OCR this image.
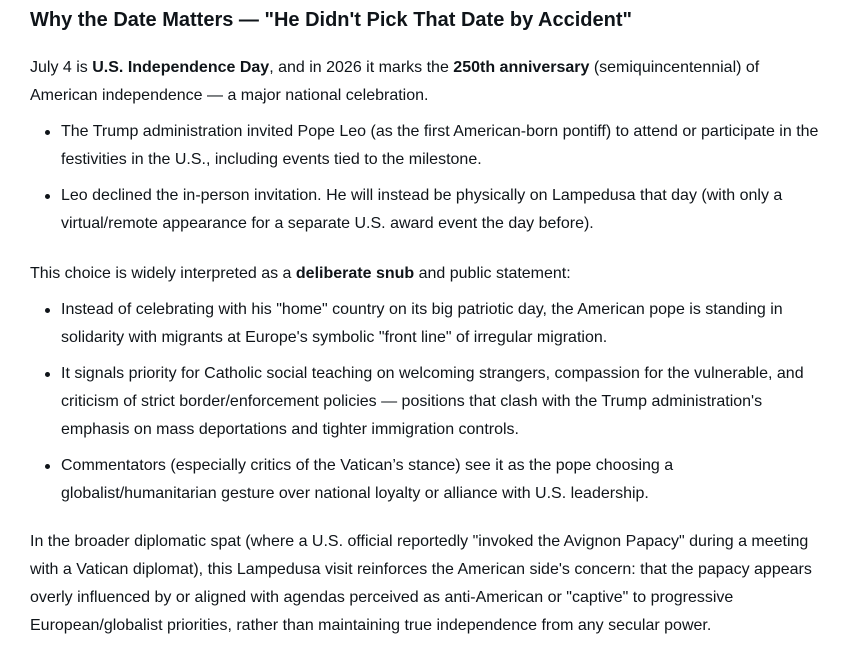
Why the Date Matters — "He Didn't Pick That Date by Accident"

July 4 is U.S. Independence Day, and in 2026 it marks the 250th anniversary (semiquincentennial) of American independence — a major national celebration.

The Trump administration invited Pope Leo (as the first American-born pontiff) to attend or participate in the festivities in the U.S., including events tied to the milestone.
Leo declined the in-person invitation. He will instead be physically on Lampedusa that day (with only a virtual/remote appearance for a separate U.S. award event the day before).

This choice is widely interpreted as a deliberate snub and public statement:

Instead of celebrating with his "home" country on its big patriotic day, the American pope is standing in solidarity with migrants at Europe's symbolic "front line" of irregular migration.
It signals priority for Catholic social teaching on welcoming strangers, compassion for the vulnerable, and criticism of strict border/enforcement policies — positions that clash with the Trump administration's emphasis on mass deportations and tighter immigration controls.
Commentators (especially critics of the Vatican’s stance) see it as the pope choosing a globalist/humanitarian gesture over national loyalty or alliance with U.S. leadership.

In the broader diplomatic spat (where a U.S. official reportedly "invoked the Avignon Papacy" during a meeting with a Vatican diplomat), this Lampedusa visit reinforces the American side's concern: that the papacy appears overly influenced by or aligned with agendas perceived as anti-American or "captive" to progressive European/globalist priorities, rather than maintaining true independence from any secular power.
